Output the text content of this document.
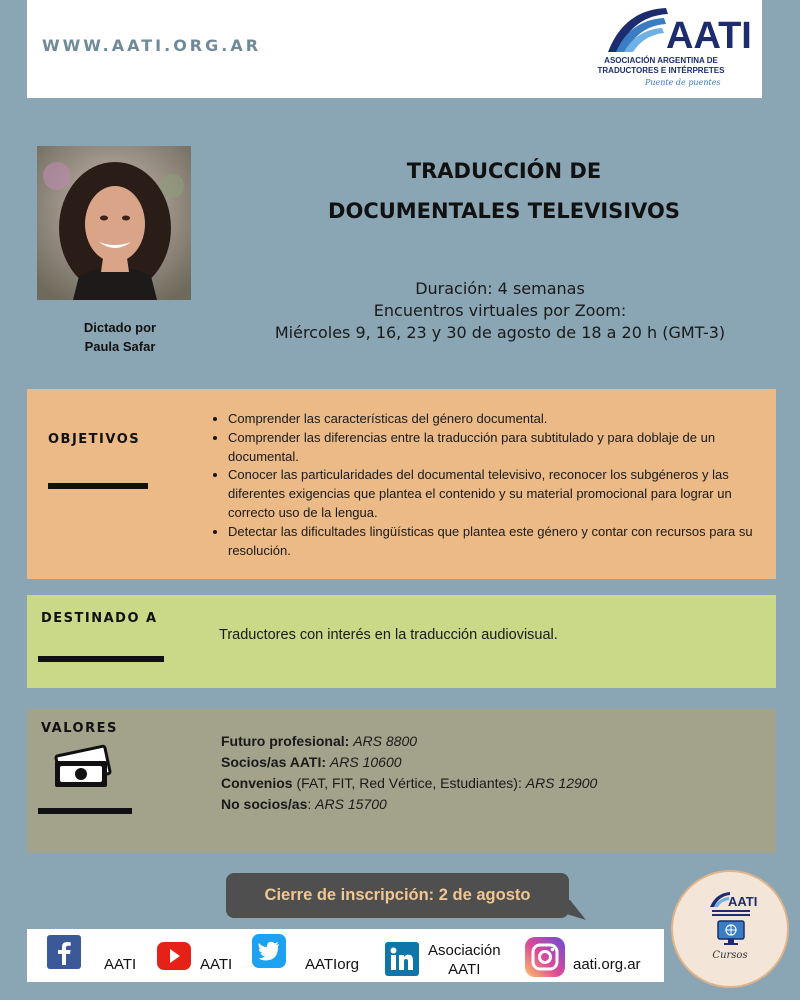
WWW.AATI.ORG.AR	AATI
ASOCIACIÓN ARGENTINA DE
TRADUCTORES E INTÉRPRETES
Puente de puentes
Dictado por
Paula Safar
TRADUCCIÓN DE
DOCUMENTALES TELEVISIVOS
Duración: 4 semanas
Encuentros virtuales por Zoom:
Miércoles 9, 16, 23 y 30 de agosto de 18 a 20 h (GMT-3)
OBJETIVOS
• Comprender las características del género documental.
• Comprender las diferencias entre la traducción para subtitulado y para doblaje de un documental.
• Conocer las particularidades del documental televisivo, reconocer los subgéneros y las diferentes exigencias que plantea el contenido y su material promocional para lograr un correcto uso de la lengua.
• Detectar las dificultades lingüísticas que plantea este género y contar con recursos para su resolución.
DESTINADO A
Traductores con interés en la traducción audiovisual.
VALORES
Futuro profesional: ARS 8800
Socios/as AATI: ARS 10600
Convenios (FAT, FIT, Red Vértice, Estudiantes): ARS 12900
No socios/as: ARS 15700
Cierre de inscripción: 2 de agosto
AATI	AATI	AATIorg
Asociación
AATI	aati.org.ar
AATI
Cursos
